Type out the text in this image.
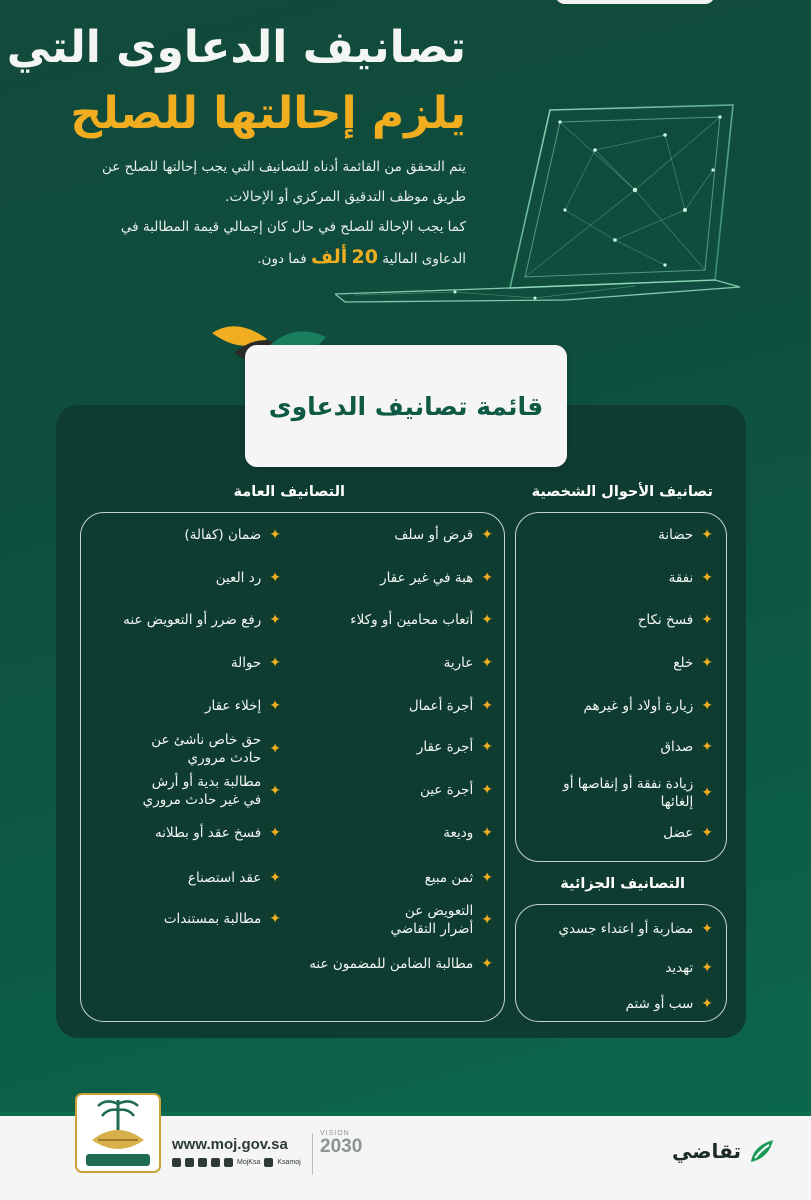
تصانيف الدعاوى التي
يلزم إحالتها للصلح

يتم التحقق من القائمة أدناه للتصانيف التي يجب إحالتها للصلح عن

طريق موظف التدقيق المركزي أو الإحالات.

كما يجب الإحالة للصلح في حال كان إجمالي قيمة المطالبة في

الدعاوى المالية 20 ألف فما دون.

قائمة تصانيف الدعاوى
تصانيف الأحوال الشخصية
✦
حضانة
✦
نفقة
✦
فسخ نكاح
✦
خلع
✦
زيارة أولاد أو غيرهم
✦
صداق
✦
زيادة نفقة أو إنقاصها أو إلغائها
✦
عضل
التصانيف الجزائية
✦
مضاربة أو اعتداء جسدي
✦
تهديد
✦
سب أو شتم
التصانيف العامة
✦
قرض أو سلف
✦
هبة في غير عقار
✦
أتعاب محامين أو وكلاء
✦
عارية
✦
أجرة أعمال
✦
أجرة عقار
✦
أجرة عين
✦
وديعة
✦
ثمن مبيع
✦
التعويض عن أضرار التقاضي
✦
مطالبة الضامن للمضمون عنه
✦
ضمان (كفالة)
✦
رد العين
✦
رفع ضرر أو التعويض عنه
✦
حوالة
✦
إخلاء عقار
✦
حق خاص ناشئ عن حادث مروري
✦
مطالبة بدية أو أرش في غير حادث مروري
✦
فسخ عقد أو بطلانه
✦
عقد استصناع
✦
مطالبة بمستندات
www.moj.gov.sa
MojKsa Ksamoj
VISION
2030	تقاضي
